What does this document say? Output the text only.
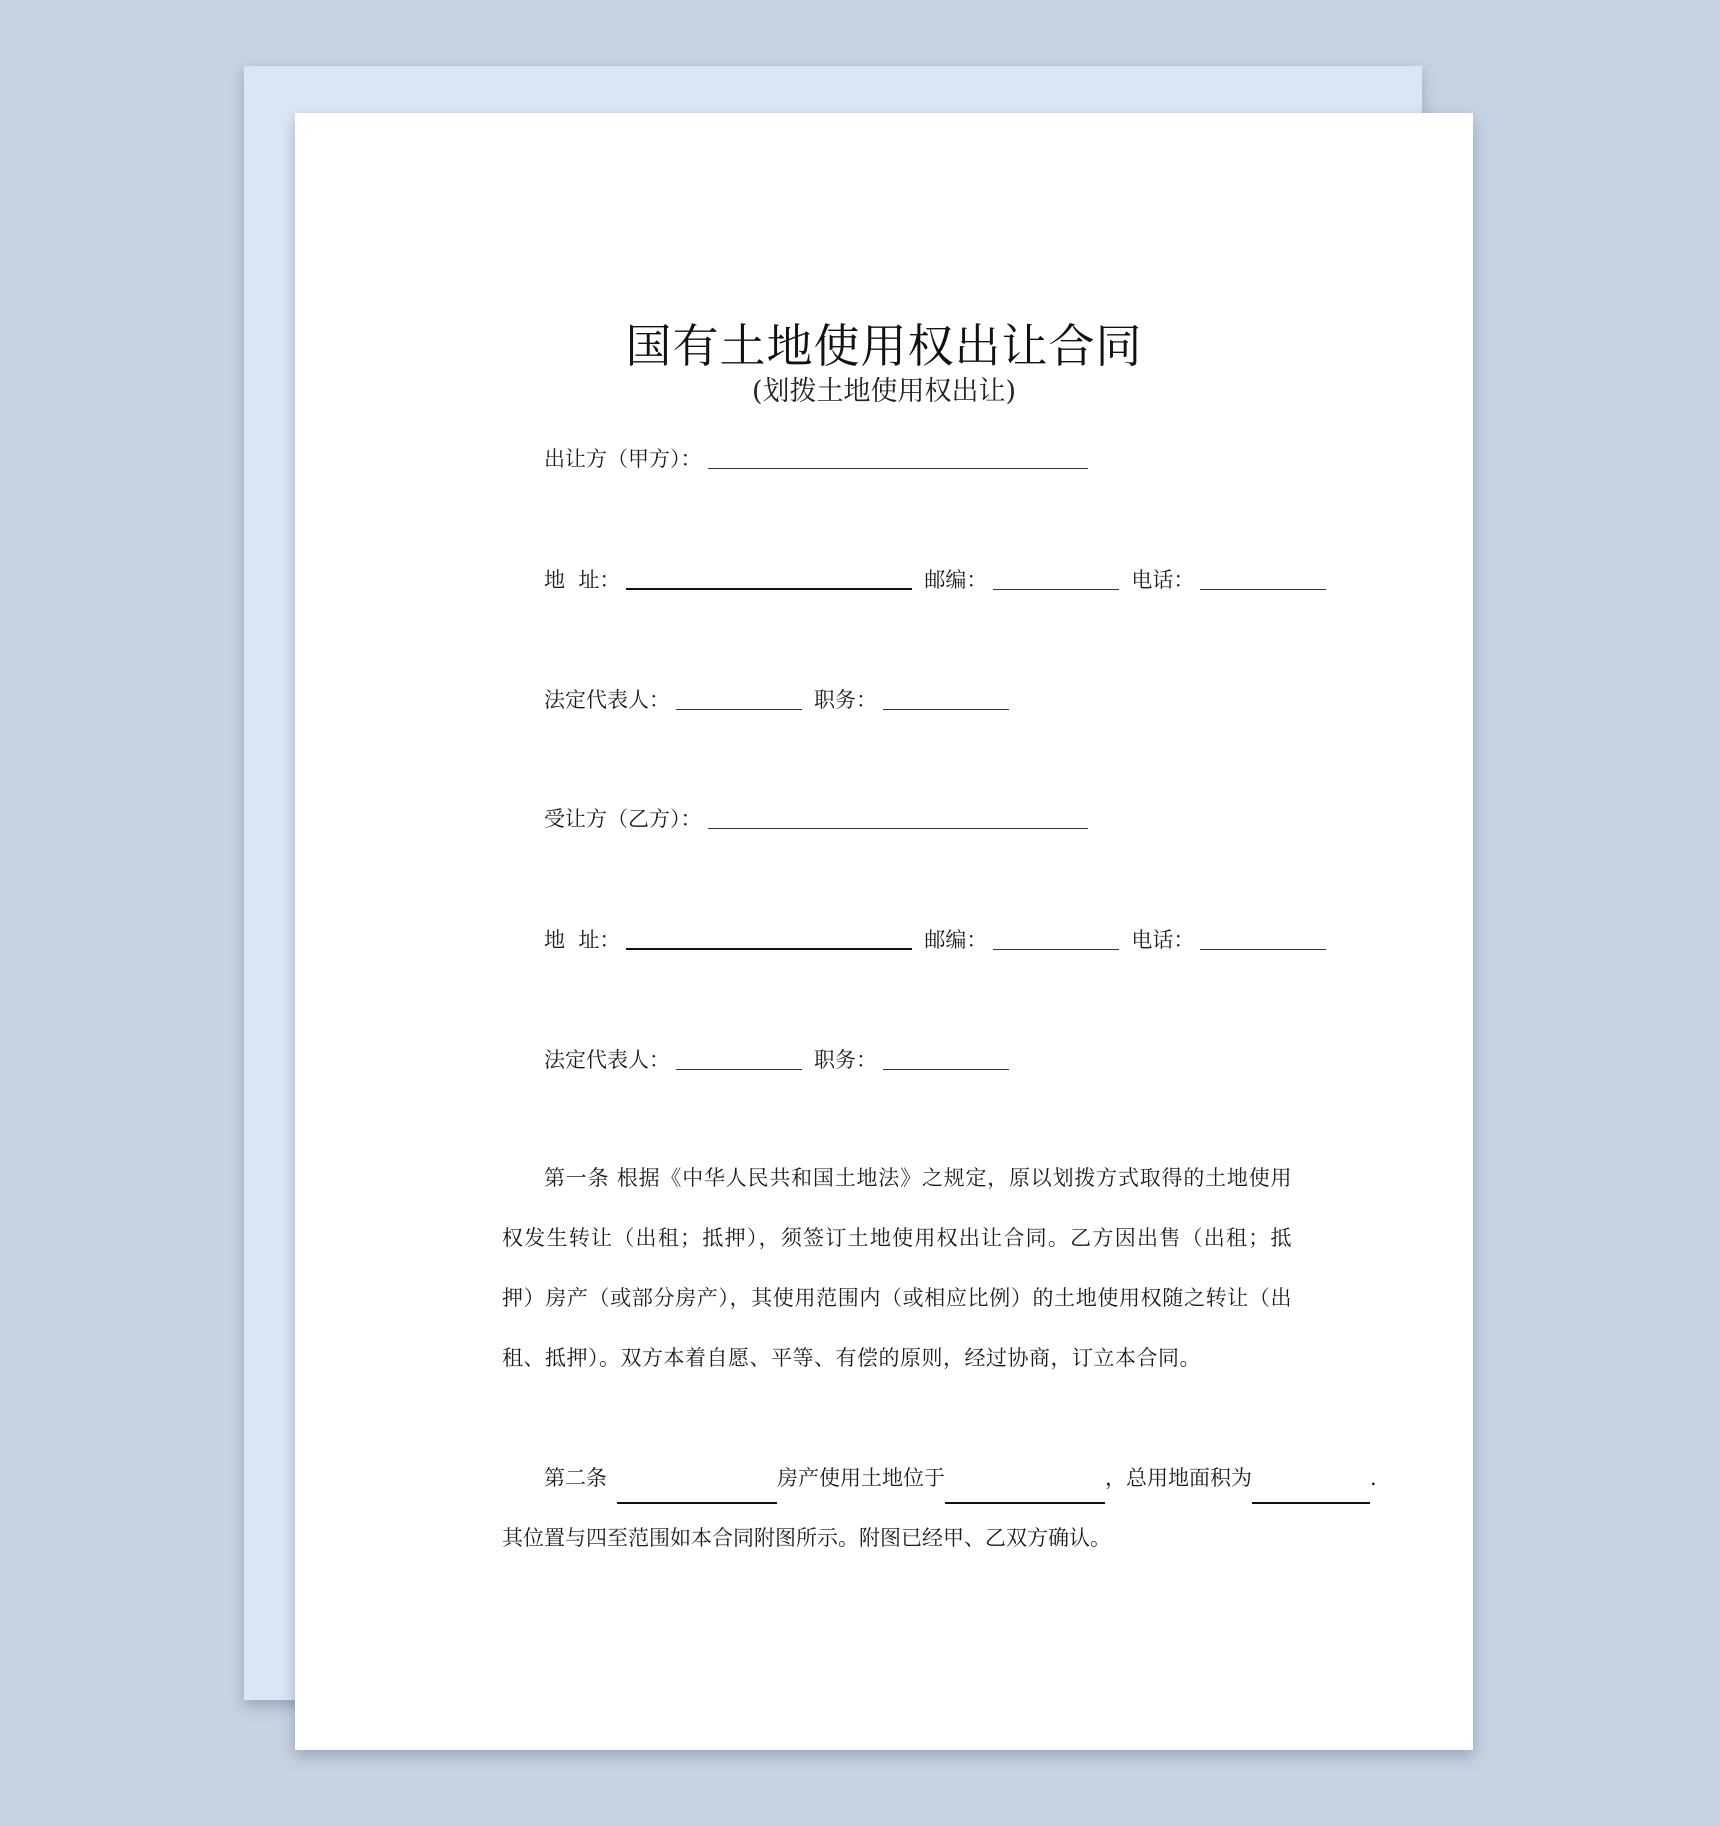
国有土地使用权出让合同
(划拨土地使用权出让)
出让方（甲方）：
地  址：	邮编：	电话：
法定代表人：	职务：
受让方（乙方）：
地  址：	邮编：	电话：
法定代表人：	职务：
第一条 根据《中华人民共和国土地法》之规定，原以划拨方式取得的土地使用权发生转让（出租；抵押），须签订土地使用权出让合同。乙方因出售（出租；抵押）房产（或部分房产），其使用范围内（或相应比例）的土地使用权随之转让（出租、抵押）。双方本着自愿、平等、有偿的原则，经过协商，订立本合同。
第二条	房产使用土地位于	，总用地面积为	.
其位置与四至范围如本合同附图所示。附图已经甲、乙双方确认。
